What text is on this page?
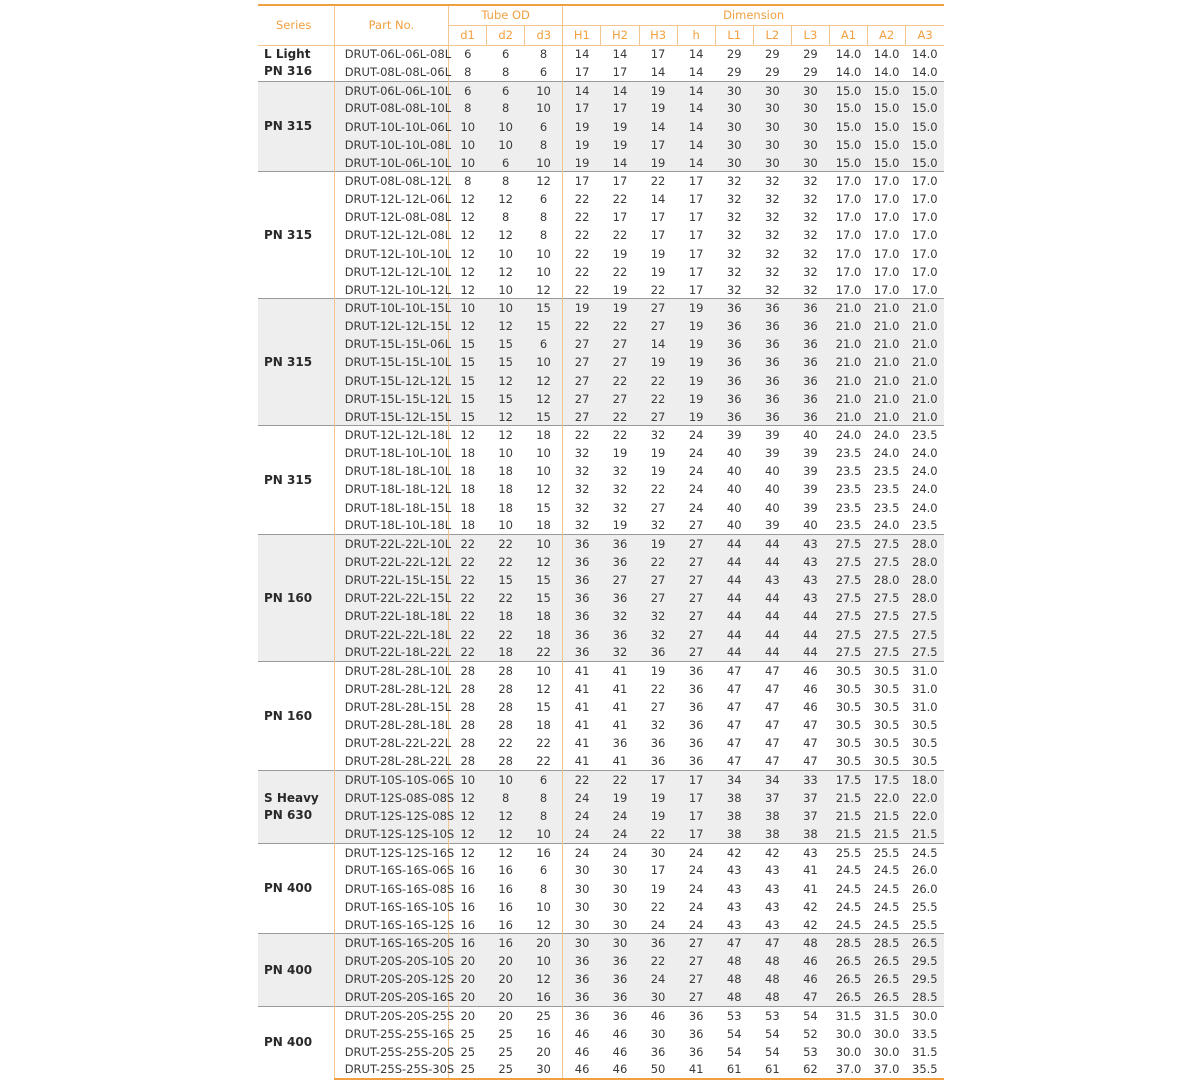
Series	Part No.	Tube OD			Dimension									
		d1	d2	d3	H1	H2	H3	h	L1	L2	L3	A1	A2	A3

L Light
PN 316	DRUT-06L-06L-08L	6	6	8	14	14	17	14	29	29	29	14.0	14.0	14.0
	DRUT-08L-08L-06L	8	8	6	17	17	14	14	29	29	29	14.0	14.0	14.0

PN 315	DRUT-06L-06L-10L	6	6	10	14	14	19	14	30	30	30	15.0	15.0	15.0
	DRUT-08L-08L-10L	8	8	10	17	17	19	14	30	30	30	15.0	15.0	15.0
	DRUT-10L-10L-06L	10	10	6	19	19	14	14	30	30	30	15.0	15.0	15.0
	DRUT-10L-10L-08L	10	10	8	19	19	17	14	30	30	30	15.0	15.0	15.0
	DRUT-10L-06L-10L	10	6	10	19	14	19	14	30	30	30	15.0	15.0	15.0

PN 315	DRUT-08L-08L-12L	8	8	12	17	17	22	17	32	32	32	17.0	17.0	17.0
	DRUT-12L-12L-06L	12	12	6	22	22	14	17	32	32	32	17.0	17.0	17.0
	DRUT-12L-08L-08L	12	8	8	22	17	17	17	32	32	32	17.0	17.0	17.0
	DRUT-12L-12L-08L	12	12	8	22	22	17	17	32	32	32	17.0	17.0	17.0
	DRUT-12L-10L-10L	12	10	10	22	19	19	17	32	32	32	17.0	17.0	17.0
	DRUT-12L-12L-10L	12	12	10	22	22	19	17	32	32	32	17.0	17.0	17.0
	DRUT-12L-10L-12L	12	10	12	22	19	22	17	32	32	32	17.0	17.0	17.0

PN 315	DRUT-10L-10L-15L	10	10	15	19	19	27	19	36	36	36	21.0	21.0	21.0
	DRUT-12L-12L-15L	12	12	15	22	22	27	19	36	36	36	21.0	21.0	21.0
	DRUT-15L-15L-06L	15	15	6	27	27	14	19	36	36	36	21.0	21.0	21.0
	DRUT-15L-15L-10L	15	15	10	27	27	19	19	36	36	36	21.0	21.0	21.0
	DRUT-15L-12L-12L	15	12	12	27	22	22	19	36	36	36	21.0	21.0	21.0
	DRUT-15L-15L-12L	15	15	12	27	27	22	19	36	36	36	21.0	21.0	21.0
	DRUT-15L-12L-15L	15	12	15	27	22	27	19	36	36	36	21.0	21.0	21.0

PN 315	DRUT-12L-12L-18L	12	12	18	22	22	32	24	39	39	40	24.0	24.0	23.5
	DRUT-18L-10L-10L	18	10	10	32	19	19	24	40	39	39	23.5	24.0	24.0
	DRUT-18L-18L-10L	18	18	10	32	32	19	24	40	40	39	23.5	23.5	24.0
	DRUT-18L-18L-12L	18	18	12	32	32	22	24	40	40	39	23.5	23.5	24.0
	DRUT-18L-18L-15L	18	18	15	32	32	27	24	40	40	39	23.5	23.5	24.0
	DRUT-18L-10L-18L	18	10	18	32	19	32	27	40	39	40	23.5	24.0	23.5

PN 160	DRUT-22L-22L-10L	22	22	10	36	36	19	27	44	44	43	27.5	27.5	28.0
	DRUT-22L-22L-12L	22	22	12	36	36	22	27	44	44	43	27.5	27.5	28.0
	DRUT-22L-15L-15L	22	15	15	36	27	27	27	44	43	43	27.5	28.0	28.0
	DRUT-22L-22L-15L	22	22	15	36	36	27	27	44	44	43	27.5	27.5	28.0
	DRUT-22L-18L-18L	22	18	18	36	32	32	27	44	44	44	27.5	27.5	27.5
	DRUT-22L-22L-18L	22	22	18	36	36	32	27	44	44	44	27.5	27.5	27.5
	DRUT-22L-18L-22L	22	18	22	36	32	36	27	44	44	44	27.5	27.5	27.5

PN 160	DRUT-28L-28L-10L	28	28	10	41	41	19	36	47	47	46	30.5	30.5	31.0
	DRUT-28L-28L-12L	28	28	12	41	41	22	36	47	47	46	30.5	30.5	31.0
	DRUT-28L-28L-15L	28	28	15	41	41	27	36	47	47	46	30.5	30.5	31.0
	DRUT-28L-28L-18L	28	28	18	41	41	32	36	47	47	47	30.5	30.5	30.5
	DRUT-28L-22L-22L	28	22	22	41	36	36	36	47	47	47	30.5	30.5	30.5
	DRUT-28L-28L-22L	28	28	22	41	41	36	36	47	47	47	30.5	30.5	30.5

S Heavy
PN 630	DRUT-10S-10S-06S	10	10	6	22	22	17	17	34	34	33	17.5	17.5	18.0
	DRUT-12S-08S-08S	12	8	8	24	19	19	17	38	37	37	21.5	22.0	22.0
	DRUT-12S-12S-08S	12	12	8	24	24	19	17	38	38	37	21.5	21.5	22.0
	DRUT-12S-12S-10S	12	12	10	24	24	22	17	38	38	38	21.5	21.5	21.5

PN 400	DRUT-12S-12S-16S	12	12	16	24	24	30	24	42	42	43	25.5	25.5	24.5
	DRUT-16S-16S-06S	16	16	6	30	30	17	24	43	43	41	24.5	24.5	26.0
	DRUT-16S-16S-08S	16	16	8	30	30	19	24	43	43	41	24.5	24.5	26.0
	DRUT-16S-16S-10S	16	16	10	30	30	22	24	43	43	42	24.5	24.5	25.5
	DRUT-16S-16S-12S	16	16	12	30	30	24	24	43	43	42	24.5	24.5	25.5

PN 400	DRUT-16S-16S-20S	16	16	20	30	30	36	27	47	47	48	28.5	28.5	26.5
	DRUT-20S-20S-10S	20	20	10	36	36	22	27	48	48	46	26.5	26.5	29.5
	DRUT-20S-20S-12S	20	20	12	36	36	24	27	48	48	46	26.5	26.5	29.5
	DRUT-20S-20S-16S	20	20	16	36	36	30	27	48	48	47	26.5	26.5	28.5

PN 400	DRUT-20S-20S-25S	20	20	25	36	36	46	36	53	53	54	31.5	31.5	30.0
	DRUT-25S-25S-16S	25	25	16	46	46	30	36	54	54	52	30.0	30.0	33.5
	DRUT-25S-25S-20S	25	25	20	46	46	36	36	54	54	53	30.0	30.0	31.5
	DRUT-25S-25S-30S	25	25	30	46	46	50	41	61	61	62	37.0	37.0	35.5
